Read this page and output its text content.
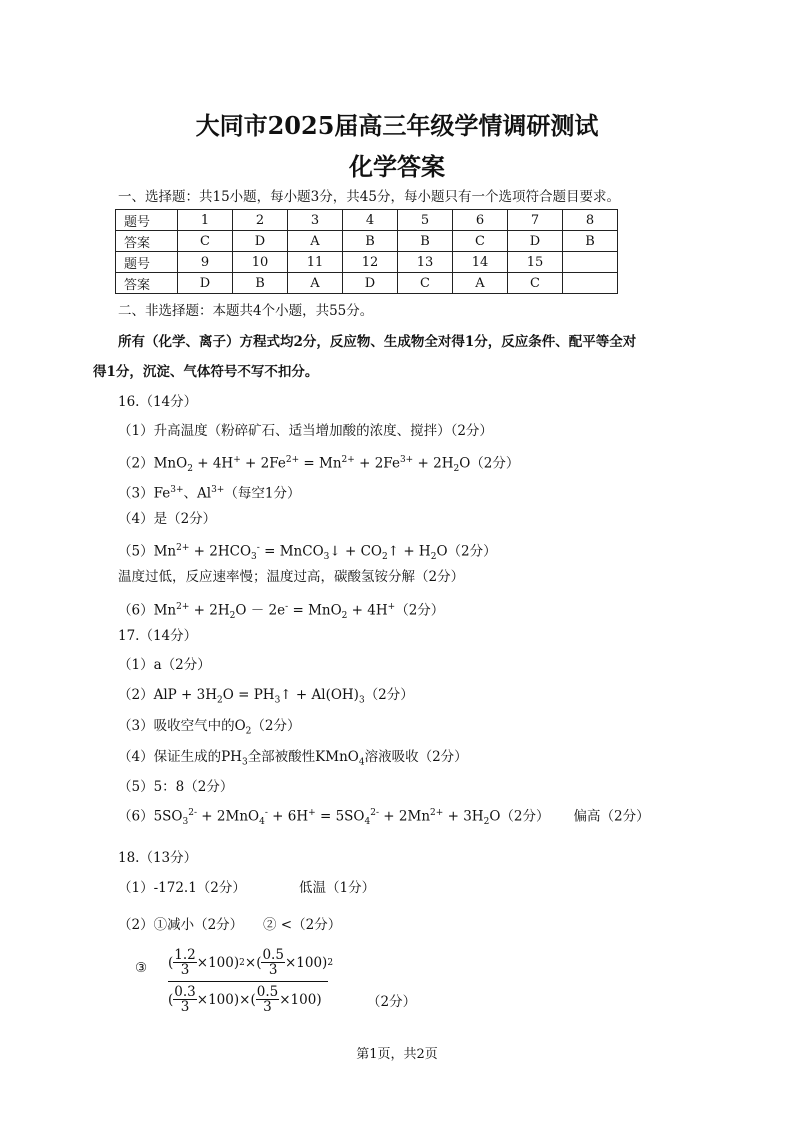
大同市2025届高三年级学情调研测试
化学答案
一、选择题：共15小题，每小题3分，共45分，每小题只有一个选项符合题目要求。
题号	1	2	3	4	5	6	7	8
答案	C	D	A	B	B	C	D	B
题号	9	10	11	12	13	14	15	
答案	D	B	A	D	C	A	C	
二、非选择题：本题共4个小题，共55分。
所有（化学、离子）方程式均2分，反应物、生成物全对得1分，反应条件、配平等全对
得1分，沉淀、气体符号不写不扣分。
16.（14分）
（1）升高温度（粉碎矿石、适当增加酸的浓度、搅拌）（2分）
$(2)MnO_2 + 4H^+ + 2Fe^{2+} = Mn^{2+} + 2Fe^{3+} + 2H_2O(2$分）
$(3)Fe^{3+}$、$Al^{3+}$（每空1分）
（4）是（2分）
$(5)Mn^{2+} + 2HCO_3^-$ = MnCO$_3$↓ + $CO_2↑ + H_2O(2$分）
温度过低，反应速率慢；温度过高，碳酸氢铵分解（2分）
$(6)Mn^{2+} + 2H_2O - 2e^- = MnO_2 + 4H^+(2$分）
17.（14分）
（1）a（2分）
$(2)AlP + 3H_2O$ = $PH_3↑ + Al(OH)_3(2$分）
（3）吸收空气中的$O_2(2$分）
（4）保证生成的$PH_3$全部被酸性KMnO$_4$溶液吸收（2分）
（5）5：8（2分）
$(6)5SO_3^{2-} + 2MnO_4^- + 6H^+ = 5SO_4^{2-} + 2Mn^{2+} + 3H_2O(2$分） 偏高（2分）
18.（13分）
（1）-172.1（2分）	低温（1分）
（2）①减小（2分） ② <（2分）
③ ( $\frac{1.2}{3} \times 100$ ) 2 × ( $\frac{0.5}{3} \times 100$ ) 2
( $\frac{0.3}{3} \times 100$ ) × ( $\frac{0.5}{3} \times 100$ )	（2分）
第1页，共2页
